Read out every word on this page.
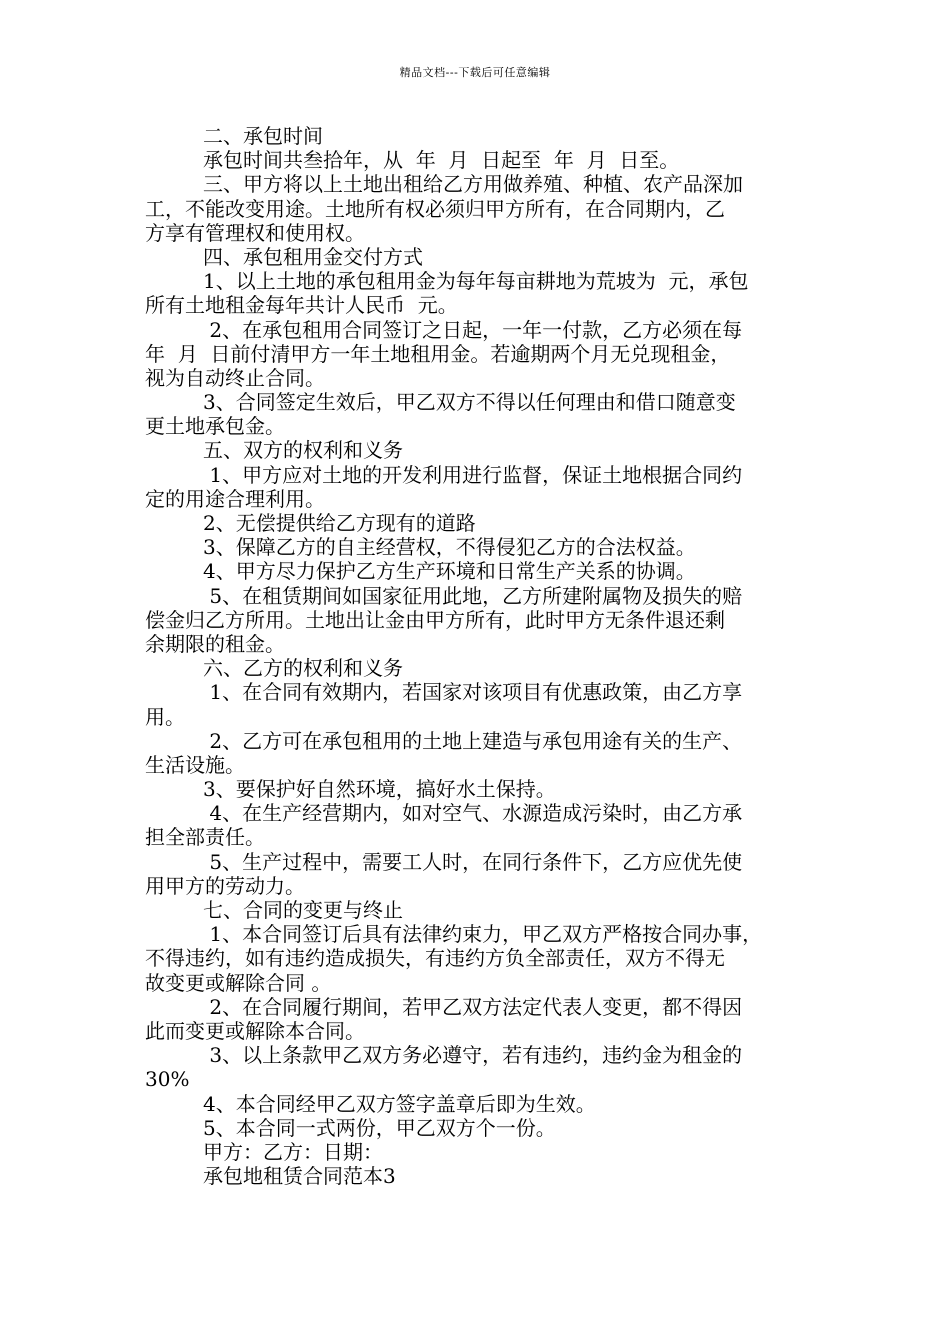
精品文档---下载后可任意编辑
二、承包时间
承包时间共叁拾年，从  年  月  日起至  年  月  日至。
三、甲方将以上土地出租给乙方用做养殖、种植、农产品深加
工，不能改变用途。土地所有权必须归甲方所有，在合同期内，乙
方享有管理权和使用权。
四、承包租用金交付方式
1、以上土地的承包租用金为每年每亩耕地为荒坡为  元，承包
所有土地租金每年共计人民币  元。
2、在承包租用合同签订之日起，一年一付款，乙方必须在每
年  月  日前付清甲方一年土地租用金。若逾期两个月无兑现租金，
视为自动终止合同。
3、合同签定生效后，甲乙双方不得以任何理由和借口随意变
更土地承包金。
五、双方的权利和义务
1、甲方应对土地的开发利用进行监督，保证土地根据合同约
定的用途合理利用。
2、无偿提供给乙方现有的道路
3、保障乙方的自主经营权，不得侵犯乙方的合法权益。
4、甲方尽力保护乙方生产环境和日常生产关系的协调。
5、在租赁期间如国家征用此地，乙方所建附属物及损失的赔
偿金归乙方所用。土地出让金由甲方所有，此时甲方无条件退还剩
余期限的租金。
六、乙方的权利和义务
1、在合同有效期内，若国家对该项目有优惠政策，由乙方享
用。
2、乙方可在承包租用的土地上建造与承包用途有关的生产、
生活设施。
3、要保护好自然环境，搞好水土保持。
4、在生产经营期内，如对空气、水源造成污染时，由乙方承
担全部责任。
5、生产过程中，需要工人时，在同行条件下，乙方应优先使
用甲方的劳动力。
七、合同的变更与终止
1、本合同签订后具有法律约束力，甲乙双方严格按合同办事，
不得违约，如有违约造成损失，有违约方负全部责任，双方不得无
故变更或解除合同 。
2、在合同履行期间，若甲乙双方法定代表人变更，都不得因
此而变更或解除本合同。
3、以上条款甲乙双方务必遵守，若有违约，违约金为租金的
30%
4、本合同经甲乙双方签字盖章后即为生效。
5、本合同一式两份，甲乙双方个一份。
甲方：乙方：日期：
承包地租赁合同范本3
